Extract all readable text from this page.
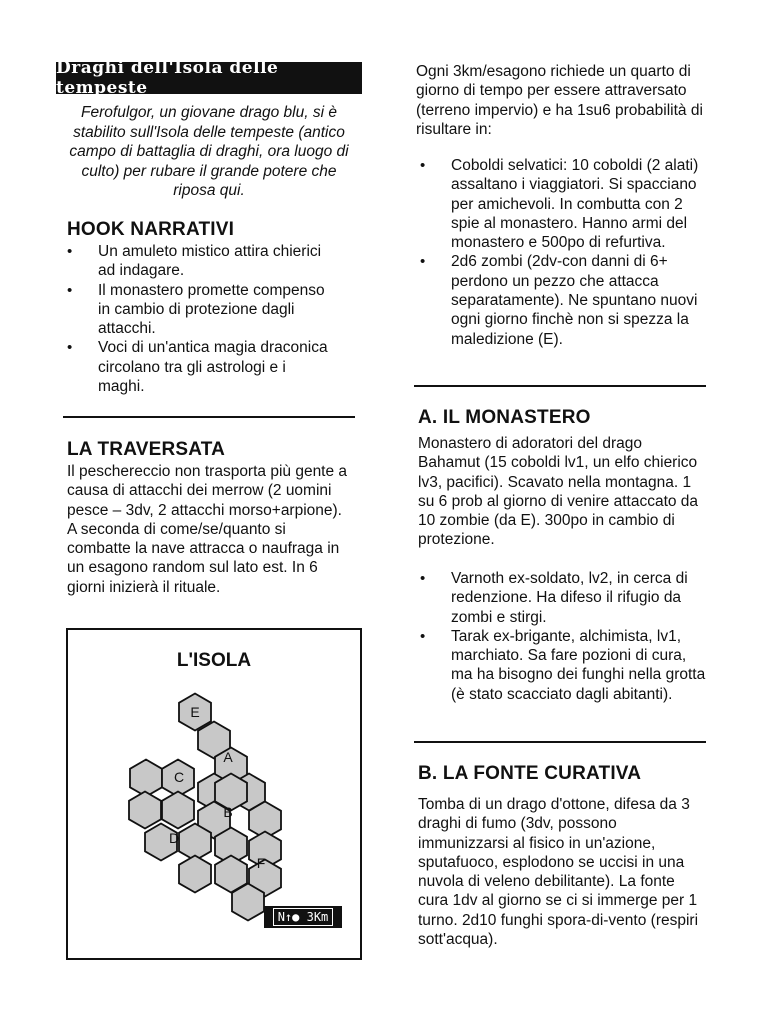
Draghi dell'Isola delle tempeste
Ferofulgor, un giovane drago blu, si è stabilito sull'Isola delle tempeste (antico campo di battaglia di draghi, ora luogo di culto) per rubare il grande potere che riposa qui.
HOOK NARRATIVI
• Un amuleto mistico attira chierici ad indagare.
• Il monastero promette compenso in cambio di protezione dagli attacchi.
• Voci di un'antica magia draconica circolano tra gli astrologi e i maghi.
LA TRAVERSATA

Il peschereccio non trasporta più gente a causa di attacchi dei merrow (2 uomini pesce – 3dv, 2 attacchi morso+arpione). A seconda di come/se/quanto si combatte la nave attracca o naufraga in un esagono random sul lato est. In 6 giorni inizierà il rituale.

L'ISOLA
E
A
C
B
D
F
N↑● 3Km

Ogni 3km/esagono richiede un quarto di giorno di tempo per essere attraversato (terreno impervio) e ha 1su6 probabilità di risultare in:

• Coboldi selvatici: 10 coboldi (2 alati) assaltano i viaggiatori. Si spacciano per amichevoli. In combutta con 2 spie al monastero. Hanno armi del monastero e 500po di refurtiva.
• 2d6 zombi (2dv-con danni di 6+ perdono un pezzo che attacca separatamente). Ne spuntano nuovi ogni giorno finchè non si spezza la maledizione (E).
A. IL MONASTERO

Monastero di adoratori del drago Bahamut (15 coboldi lv1, un elfo chierico lv3, pacifici). Scavato nella montagna. 1 su 6 prob al giorno di venire attaccato da 10 zombie (da E). 300po in cambio di protezione.

• Varnoth ex-soldato, lv2, in cerca di redenzione. Ha difeso il rifugio da zombi e stirgi.
• Tarak ex-brigante, alchimista, lv1, marchiato. Sa fare pozioni di cura, ma ha bisogno dei funghi nella grotta (è stato scacciato dagli abitanti).
B. LA FONTE CURATIVA

Tomba di un drago d'ottone, difesa da 3 draghi di fumo (3dv, possono immunizzarsi al fisico in un'azione, sputafuoco, esplodono se uccisi in una nuvola di veleno debilitante). La fonte cura 1dv al giorno se ci si immerge per 1 turno. 2d10 funghi spora-di-vento (respiri sott'acqua).
